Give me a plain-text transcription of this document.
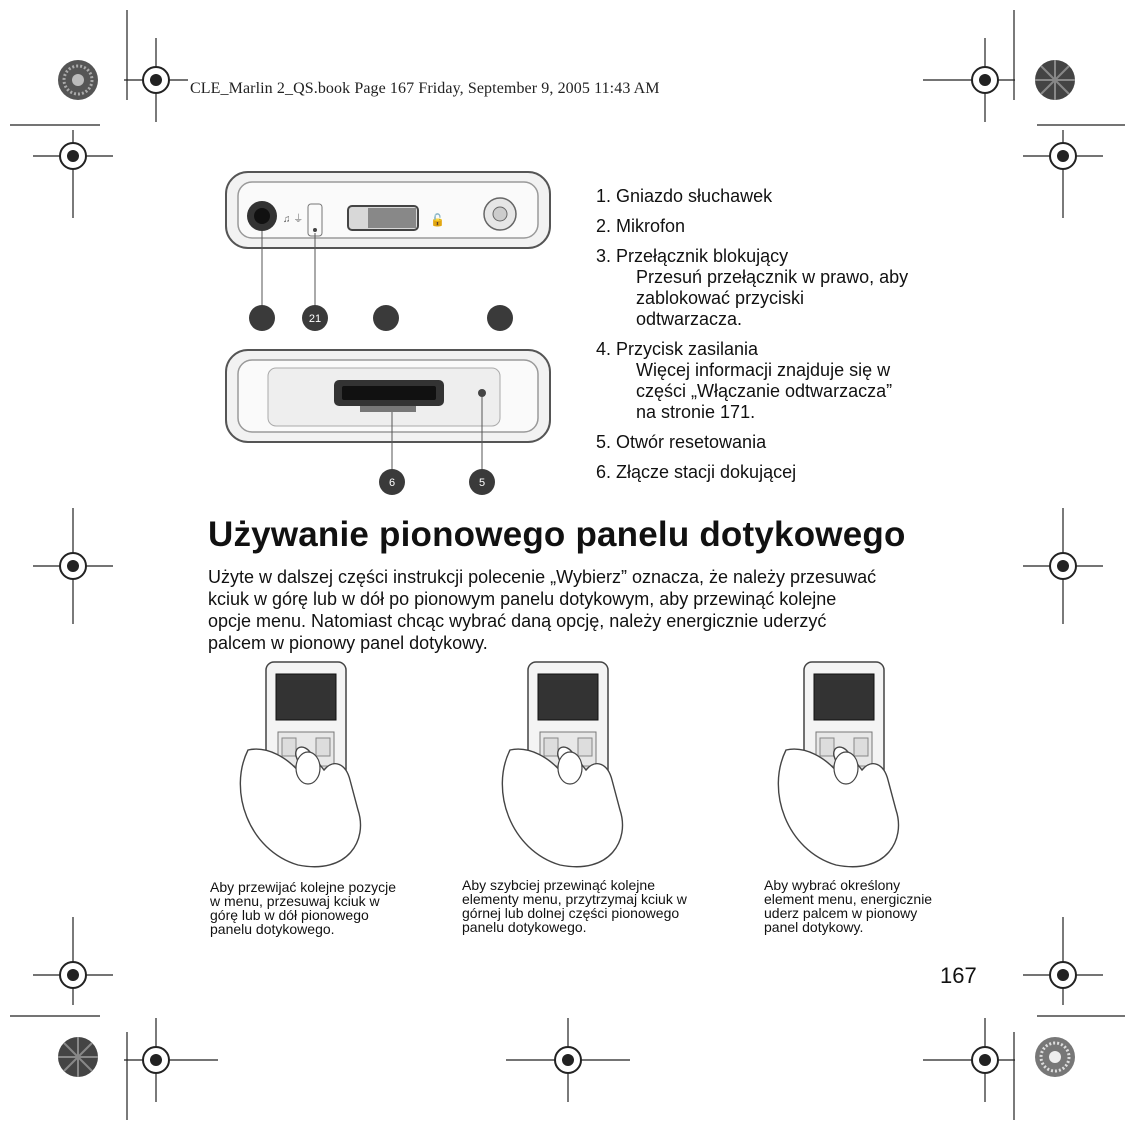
CLE_Marlin 2_QS.book Page 167 Friday, September 9, 2005 11:43 AM
♫ ⏚	🔓
21
6	5
1. Gniazdo słuchawek
2. Mikrofon
3. Przełącznik blokujący
Przesuń przełącznik w prawo, aby
zablokować przyciski
odtwarzacza.
4. Przycisk zasilania
Więcej informacji znajduje się w
części „Włączanie odtwarzacza”
na stronie 171.
5. Otwór resetowania
6. Złącze stacji dokującej
Używanie pionowego panelu dotykowego
Użyte w dalszej części instrukcji polecenie „Wybierz” oznacza, że należy przesuwać
kciuk w górę lub w dół po pionowym panelu dotykowym, aby przewinąć kolejne
opcje menu. Natomiast chcąc wybrać daną opcję, należy energicznie uderzyć
palcem w pionowy panel dotykowy.
Aby przewijać kolejne pozycje
w menu, przesuwaj kciuk w
górę lub w dół pionowego
panelu dotykowego.
Aby szybciej przewinąć kolejne
elementy menu, przytrzymaj kciuk w
górnej lub dolnej części pionowego
panelu dotykowego.
Aby wybrać określony
element menu, energicznie
uderz palcem w pionowy
panel dotykowy.
167
